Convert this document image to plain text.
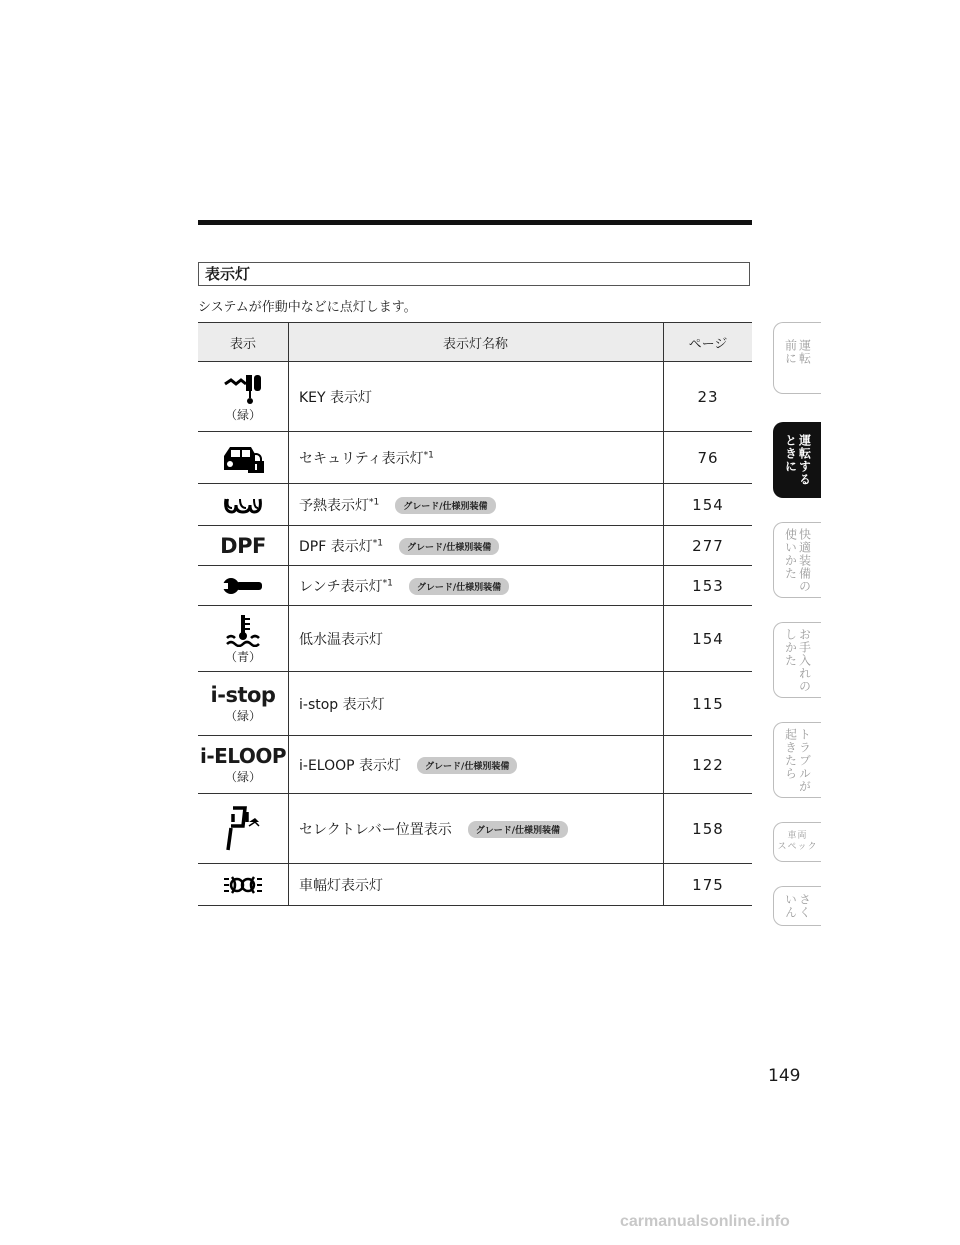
表示灯
システムが作動中などに点灯します。
表示	表示灯名称	ページ

（緑）	KEY 表示灯	23

	セキュリティ表示灯$^{*1}$	76

	予熱表示灯$^{*1}$グレード/仕様別装備	154

DPF	DPF 表示灯$^{*1}$グレード/仕様別装備	277

	レンチ表示灯$^{*1}$グレード/仕様別装備	153

（青）	低水温表示灯	154

i-stop
（緑）	i-stop 表示灯	115

i-ELOOP
（緑）	i-ELOOP 表示灯 グレード/仕様別装備	122

	セレクトレバー位置表示 グレード/仕様別装備	158

	車幅灯表示灯	175
運転
前に　
運転する
ときに
快適装備の
使いかた
お手入れの
しかた
トラブルが
起きたら
車両
スペック
さく
いん
149
carmanualsonline.info
